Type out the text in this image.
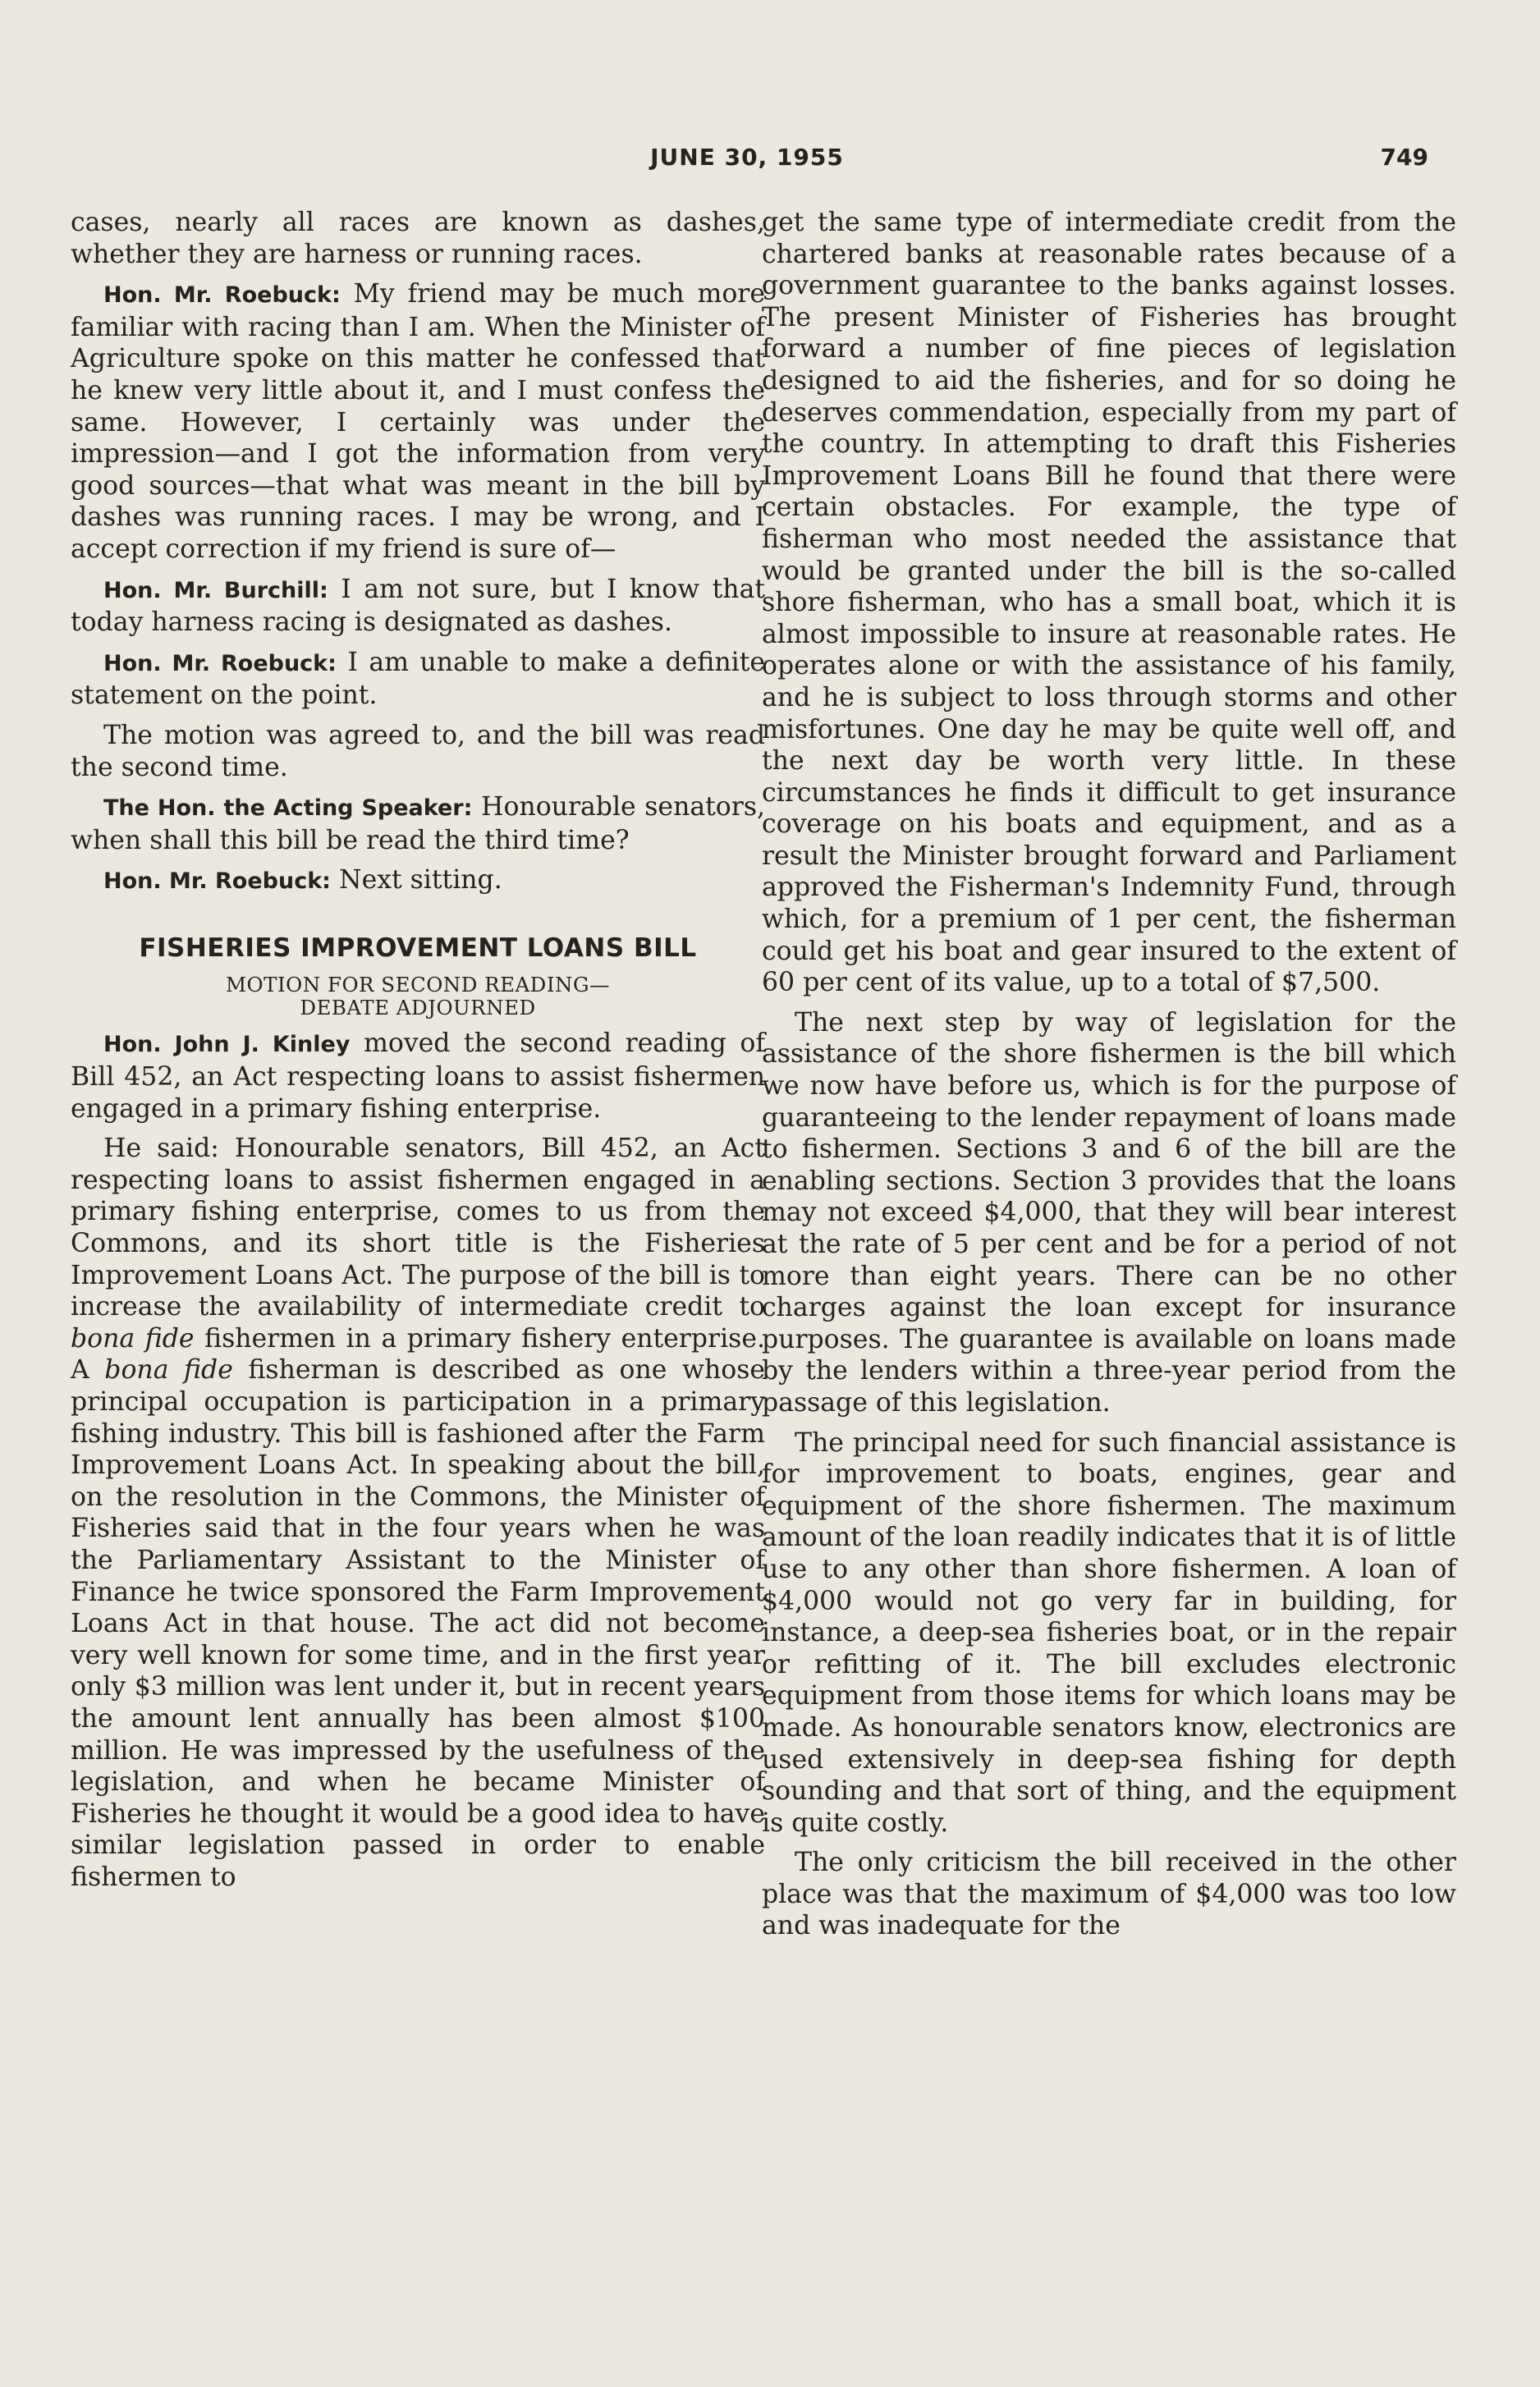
JUNE 30, 1955	749

cases, nearly all races are known as dashes, whether they are harness or running races.

Hon. Mr. Roebuck: My friend may be much more familiar with racing than I am. When the Minister of Agriculture spoke on this matter he confessed that he knew very little about it, and I must confess the same. However, I certainly was under the impression—and I got the information from very good sources—that what was meant in the bill by dashes was running races. I may be wrong, and I accept correction if my friend is sure of—

Hon. Mr. Burchill: I am not sure, but I know that today harness racing is designated as dashes.

Hon. Mr. Roebuck: I am unable to make a definite statement on the point.

The motion was agreed to, and the bill was read the second time.

The Hon. the Acting Speaker: Honourable senators, when shall this bill be read the third time?

Hon. Mr. Roebuck: Next sitting.

FISHERIES IMPROVEMENT LOANS BILL
MOTION FOR SECOND READING—
DEBATE ADJOURNED

Hon. John J. Kinley moved the second reading of Bill 452, an Act respecting loans to assist fishermen engaged in a primary fishing enterprise.

He said: Honourable senators, Bill 452, an Act respecting loans to assist fishermen engaged in a primary fishing enterprise, comes to us from the Commons, and its short title is the Fisheries Improvement Loans Act. The purpose of the bill is to increase the availability of intermediate credit to bona fide fishermen in a primary fishery enterprise. A bona fide fisherman is described as one whose principal occupation is participation in a primary fishing industry. This bill is fashioned after the Farm Improvement Loans Act. In speaking about the bill, on the resolution in the Commons, the Minister of Fisheries said that in the four years when he was the Parliamentary Assistant to the Minister of Finance he twice sponsored the Farm Improvement Loans Act in that house. The act did not become very well known for some time, and in the first year only $3 million was lent under it, but in recent years the amount lent annually has been almost $100 million. He was impressed by the usefulness of the legislation, and when he became Minister of Fisheries he thought it would be a good idea to have similar legislation passed in order to enable fishermen to

get the same type of intermediate credit from the chartered banks at reasonable rates because of a government guarantee to the banks against losses. The present Minister of Fisheries has brought forward a number of fine pieces of legislation designed to aid the fisheries, and for so doing he deserves commendation, especially from my part of the country. In attempting to draft this Fisheries Improvement Loans Bill he found that there were certain obstacles. For example, the type of fisherman who most needed the assistance that would be granted under the bill is the so-called shore fisherman, who has a small boat, which it is almost impossible to insure at reasonable rates. He operates alone or with the assistance of his family, and he is subject to loss through storms and other misfortunes. One day he may be quite well off, and the next day be worth very little. In these circumstances he finds it difficult to get insurance coverage on his boats and equipment, and as a result the Minister brought forward and Parliament approved the Fisherman's Indemnity Fund, through which, for a premium of 1 per cent, the fisherman could get his boat and gear insured to the extent of 60 per cent of its value, up to a total of $7,500.

The next step by way of legislation for the assistance of the shore fishermen is the bill which we now have before us, which is for the purpose of guaranteeing to the lender repayment of loans made to fishermen. Sections 3 and 6 of the bill are the enabling sections. Section 3 provides that the loans may not exceed $4,000, that they will bear interest at the rate of 5 per cent and be for a period of not more than eight years. There can be no other charges against the loan except for insurance purposes. The guarantee is available on loans made by the lenders within a three-year period from the passage of this legislation.

The principal need for such financial assistance is for improvement to boats, engines, gear and equipment of the shore fishermen. The maximum amount of the loan readily indicates that it is of little use to any other than shore fishermen. A loan of $4,000 would not go very far in building, for instance, a deep-sea fisheries boat, or in the repair or refitting of it. The bill excludes electronic equipment from those items for which loans may be made. As honourable senators know, electronics are used extensively in deep-sea fishing for depth sounding and that sort of thing, and the equipment is quite costly.

The only criticism the bill received in the other place was that the maximum of $4,000 was too low and was inadequate for the
